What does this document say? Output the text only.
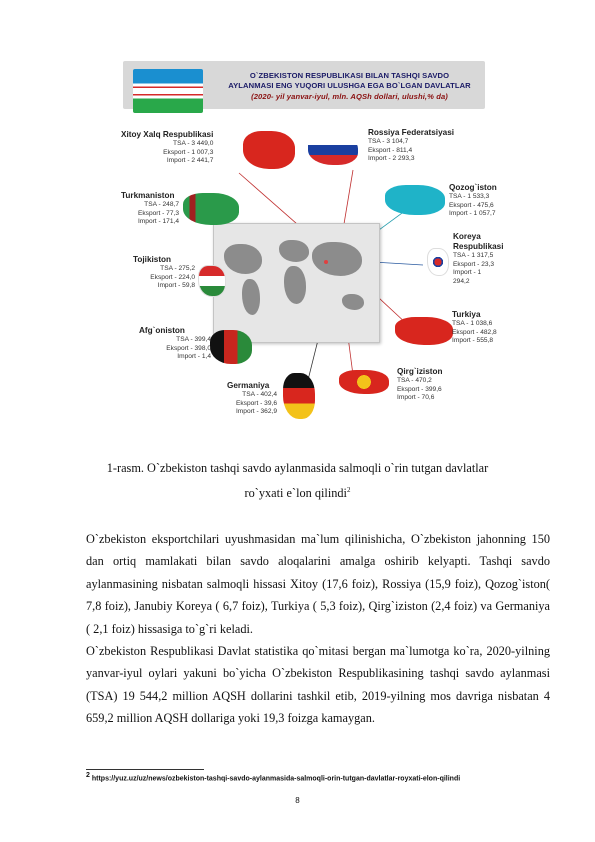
O`ZBEKISTON RESPUBLIKASI BILAN TASHQI SAVDO
AYLANMASI ENG YUQORI ULUSHGA EGA BO`LGAN DAVLATLAR
(2020- yil yanvar-iyul, mln. AQSh dollari, ulushi,% da)
Xitoy Xalq Respublikasi
TSA - 3 449,0
Eksport - 1 007,3
Import - 2 441,7
Rossiya Federatsiyasi
TSA - 3 104,7
Eksport - 811,4
Import - 2 293,3
Qozog`iston
TSA - 1 533,3
Eksport - 475,6
Import - 1 057,7
Koreya Respublikasi
TSA - 1 317,5
Eksport - 23,3
Import - 1 294,2
Turkiya
TSA - 1 038,6
Eksport - 482,8
Import - 555,8
Qirg`iziston
TSA - 470,2
Eksport - 399,6
Import - 70,6
Germaniya
TSA - 402,4
Eksport - 39,6
Import - 362,9
Afg`oniston
TSA - 399,4
Eksport - 398,0
Import - 1,4
Tojikiston
TSA - 275,2
Eksport - 224,0
Import - 59,8
Turkmaniston
TSA - 248,7
Eksport - 77,3
Import - 171,4
1-rasm. O`zbekiston tashqi savdo aylanmasida salmoqli o`rin tutgan davlatlar
ro`yxati e`lon qilindi$^2$

O`zbekiston eksportchilari uyushmasidan ma`lum qilinishicha, O`zbekiston jahonning 150 dan ortiq mamlakati bilan savdo aloqalarini amalga oshirib kelyapti. Tashqi savdo aylanmasining nisbatan salmoqli hissasi Xitoy (17,6 foiz), Rossiya (15,9 foiz), Qozog`iston( 7,8 foiz), Janubiy Koreya ( 6,7 foiz), Turkiya ( 5,3 foiz), Qirg`iziston (2,4 foiz) va Germaniya ( 2,1 foiz) hissasiga to`g`ri keladi.

O`zbekiston Respublikasi Davlat statistika qo`mitasi bergan ma`lumotga ko`ra, 2020-yilning yanvar-iyul oylari yakuni bo`yicha O`zbekiston Respublikasining tashqi savdo aylanmasi (TSA) 19 544,2 million AQSH dollarini tashkil etib, 2019-yilning mos davriga nisbatan 4 659,2 million AQSH dollariga yoki 19,3 foizga kamaygan.

$^2$ https://yuz.uz/uz/news/ozbekiston-tashqi-savdo-aylanmasida-salmoqli-orin-tutgan-davlatlar-royxati-elon-qilindi
8
